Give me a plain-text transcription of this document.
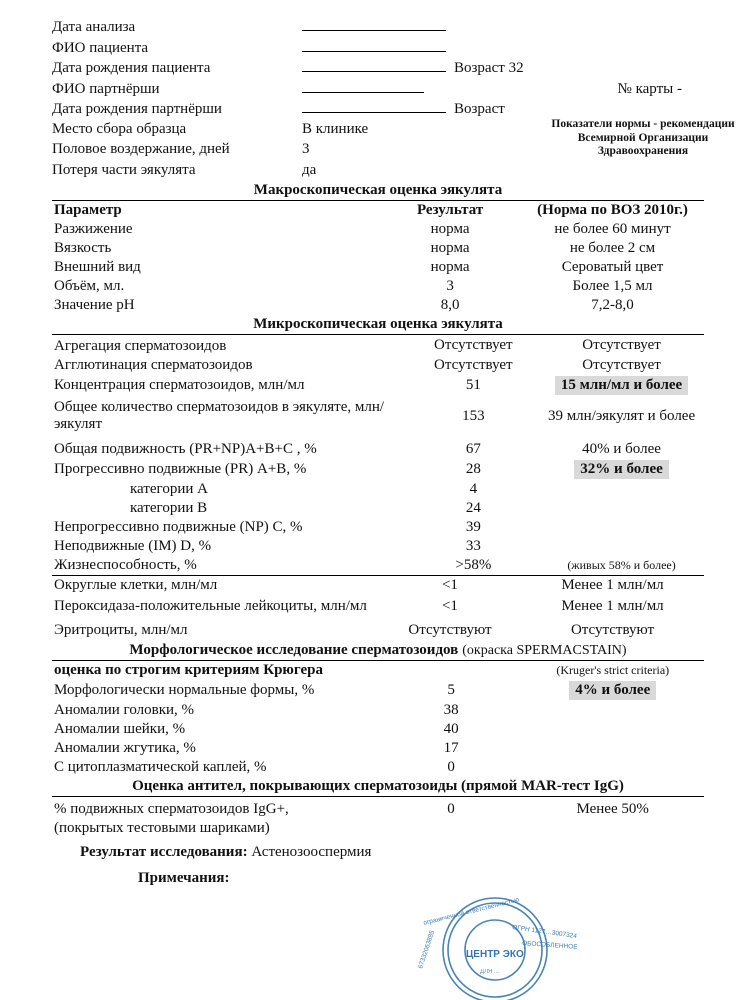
Дата анализа
ФИО пациента
Дата рождения пациента	Возраст 32
ФИО партнёрши	№ карты -
Дата рождения партнёрши	Возраст
Место сбора образца	В клинике
Половое воздержание, дней	3
Потеря части эякулята	да
Макроскопическая оценка эякулята
Параметр	Результат	(Норма по ВОЗ 2010г.)
Разжижение	норма	не более 60 минут
Вязкость	норма	не более 2 см
Внешний вид	норма	Сероватый цвет
Объём, мл.	3	Более 1,5 мл
Значение рН	8,0	7,2-8,0
Микроскопическая оценка эякулята
Агрегация сперматозоидов	Отсутствует	Отсутствует
Агглютинация сперматозоидов	Отсутствует	Отсутствует
Концентрация сперматозоидов, млн/мл	51	15 млн/мл и более
Общее количество сперматозоидов в эякуляте, млн/эякулят	153	39 млн/эякулят и более
Общая подвижность (PR+NP)A+B+C , %	67	40% и более
Прогрессивно подвижные (PR) A+B, %	28	32% и более
категории A	4	
категории B	24	
Непрогрессивно подвижные (NP) C, %	39	
Неподвижные (IM) D, %	33	
Жизнеспособность, %	>58%	(живых 58% и более)
Округлые клетки, млн/мл	<1	Менее 1 млн/мл
Пероксидаза-положительные лейкоциты, млн/мл	<1	Менее 1 млн/мл
Эритроциты, млн/мл	Отсутствуют	Отсутствуют
Морфологическое исследование сперматозоидов (окраска SPERMACSTAIN)
оценка по строгим критериям Крюгера		(Kruger's strict criteria)
Морфологически нормальные формы, %	5	4% и более
Аномалии головки, %	38	
Аномалии шейки, %	40	
Аномалии жгутика, %	17	
С цитоплазматической каплей, %	0	
Оценка антител, покрывающих сперматозоиды (прямой MAR-тест IgG)
% подвижных сперматозоидов IgG+,	0	Менее 50%
(покрытых тестовыми шариками)		
Результат исследования: Астенозооспермия
Примечания:
Показатели нормы - рекомендации Всемирной Организации Здравоохранения
ограниченной ответственностью
ОГРН 1127…3007324
67332063885	ОБОСОБЛЕННОЕ
ЦЕНТР ЭКО
ДЛЯ ...
